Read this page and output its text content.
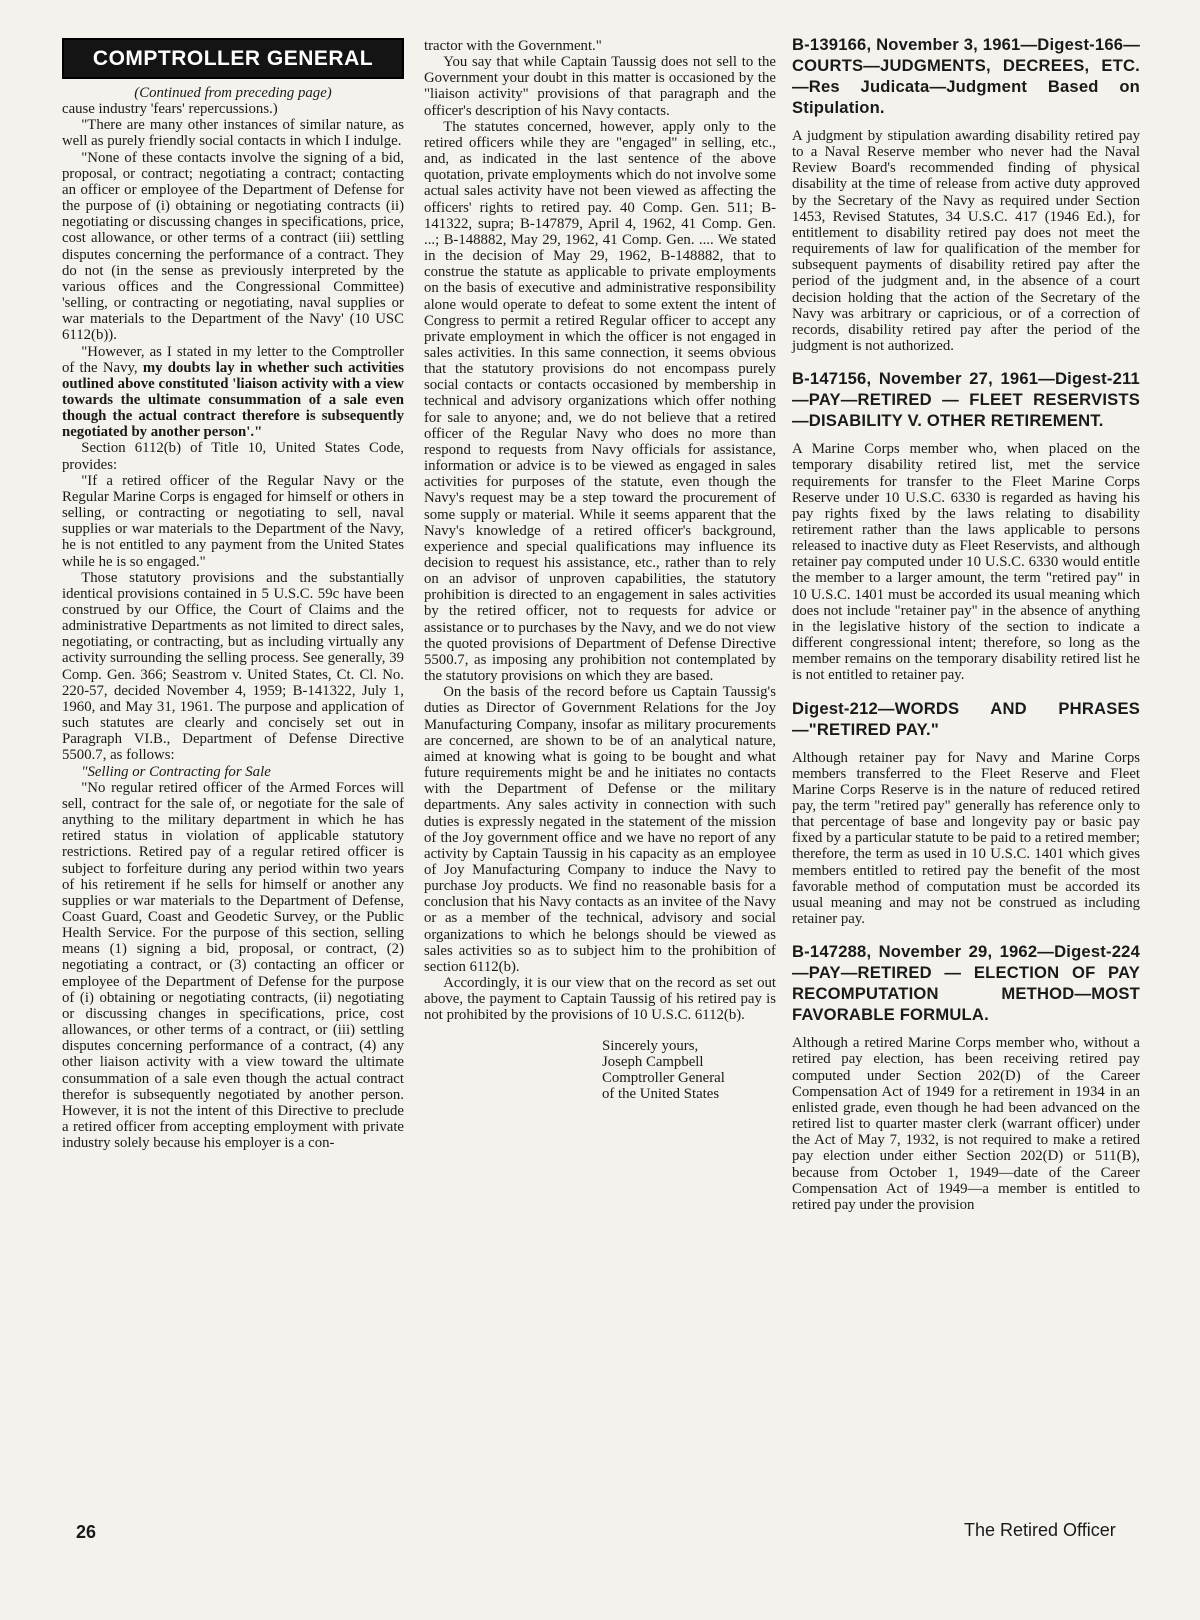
COMPTROLLER GENERAL

(Continued from preceding page)

cause industry 'fears' repercussions.)

"There are many other instances of similar nature, as well as purely friendly social contacts in which I indulge.

"None of these contacts involve the signing of a bid, proposal, or contract; negotiating a contract; contacting an officer or employee of the Department of Defense for the purpose of (i) obtaining or negotiating contracts (ii) negotiating or discussing changes in specifications, price, cost allowance, or other terms of a contract (iii) settling disputes concerning the performance of a contract. They do not (in the sense as previously interpreted by the various offices and the Congressional Committee) 'selling, or contracting or negotiating, naval supplies or war materials to the Department of the Navy' (10 USC 6112(b)).

"However, as I stated in my letter to the Comptroller of the Navy, my doubts lay in whether such activities outlined above constituted 'liaison activity with a view towards the ultimate consummation of a sale even though the actual contract therefore is subsequently negotiated by another person'."

Section 6112(b) of Title 10, United States Code, provides:

"If a retired officer of the Regular Navy or the Regular Marine Corps is engaged for himself or others in selling, or contracting or negotiating to sell, naval supplies or war materials to the Department of the Navy, he is not entitled to any payment from the United States while he is so engaged."

Those statutory provisions and the substantially identical provisions contained in 5 U.S.C. 59c have been construed by our Office, the Court of Claims and the administrative Departments as not limited to direct sales, negotiating, or contracting, but as including virtually any activity surrounding the selling process. See generally, 39 Comp. Gen. 366; Seastrom v. United States, Ct. Cl. No. 220-57, decided November 4, 1959; B-141322, July 1, 1960, and May 31, 1961. The purpose and application of such statutes are clearly and concisely set out in Paragraph VI.B., Department of Defense Directive 5500.7, as follows:

"Selling or Contracting for Sale

"No regular retired officer of the Armed Forces will sell, contract for the sale of, or negotiate for the sale of anything to the military department in which he has retired status in violation of applicable statutory restrictions. Retired pay of a regular retired officer is subject to forfeiture during any period within two years of his retirement if he sells for himself or another any supplies or war materials to the Department of Defense, Coast Guard, Coast and Geodetic Survey, or the Public Health Service. For the purpose of this section, selling means (1) signing a bid, proposal, or contract, (2) negotiating a contract, or (3) contacting an officer or employee of the Department of Defense for the purpose of (i) obtaining or negotiating contracts, (ii) negotiating or discussing changes in specifications, price, cost allowances, or other terms of a contract, or (iii) settling disputes concerning performance of a contract, (4) any other liaison activity with a view toward the ultimate consummation of a sale even though the actual contract therefor is subsequently negotiated by another person. However, it is not the intent of this Directive to preclude a retired officer from accepting employment with private industry solely because his employer is a con-

tractor with the Government."

You say that while Captain Taussig does not sell to the Government your doubt in this matter is occasioned by the "liaison activity" provisions of that paragraph and the officer's description of his Navy contacts.

The statutes concerned, however, apply only to the retired officers while they are "engaged" in selling, etc., and, as indicated in the last sentence of the above quotation, private employments which do not involve some actual sales activity have not been viewed as affecting the officers' rights to retired pay. 40 Comp. Gen. 511; B-141322, supra; B-147879, April 4, 1962, 41 Comp. Gen. ...; B-148882, May 29, 1962, 41 Comp. Gen. .... We stated in the decision of May 29, 1962, B-148882, that to construe the statute as applicable to private employments on the basis of executive and administrative responsibility alone would operate to defeat to some extent the intent of Congress to permit a retired Regular officer to accept any private employment in which the officer is not engaged in sales activities. In this same connection, it seems obvious that the statutory provisions do not encompass purely social contacts or contacts occasioned by membership in technical and advisory organizations which offer nothing for sale to anyone; and, we do not believe that a retired officer of the Regular Navy who does no more than respond to requests from Navy officials for assistance, information or advice is to be viewed as engaged in sales activities for purposes of the statute, even though the Navy's request may be a step toward the procurement of some supply or material. While it seems apparent that the Navy's knowledge of a retired officer's background, experience and special qualifications may influence its decision to request his assistance, etc., rather than to rely on an advisor of unproven capabilities, the statutory prohibition is directed to an engagement in sales activities by the retired officer, not to requests for advice or assistance or to purchases by the Navy, and we do not view the quoted provisions of Department of Defense Directive 5500.7, as imposing any prohibition not contemplated by the statutory provisions on which they are based.

On the basis of the record before us Captain Taussig's duties as Director of Government Relations for the Joy Manufacturing Company, insofar as military procurements are concerned, are shown to be of an analytical nature, aimed at knowing what is going to be bought and what future requirements might be and he initiates no contacts with the Department of Defense or the military departments. Any sales activity in connection with such duties is expressly negated in the statement of the mission of the Joy government office and we have no report of any activity by Captain Taussig in his capacity as an employee of Joy Manufacturing Company to induce the Navy to purchase Joy products. We find no reasonable basis for a conclusion that his Navy contacts as an invitee of the Navy or as a member of the technical, advisory and social organizations to which he belongs should be viewed as sales activities so as to subject him to the prohibition of section 6112(b).

Accordingly, it is our view that on the record as set out above, the payment to Captain Taussig of his retired pay is not prohibited by the provisions of 10 U.S.C. 6112(b).

Sincerely yours,
Joseph Campbell
Comptroller General
of the United States
B-139166, November 3, 1961—Digest-166—COURTS—JUDGMENTS, DECREES, ETC.—Res Judicata—Judgment Based on Stipulation.

A judgment by stipulation awarding disability retired pay to a Naval Reserve member who never had the Naval Review Board's recommended finding of physical disability at the time of release from active duty approved by the Secretary of the Navy as required under Section 1453, Revised Statutes, 34 U.S.C. 417 (1946 Ed.), for entitlement to disability retired pay does not meet the requirements of law for qualification of the member for subsequent payments of disability retired pay after the period of the judgment and, in the absence of a court decision holding that the action of the Secretary of the Navy was arbitrary or capricious, or of a correction of records, disability retired pay after the period of the judgment is not authorized.

B-147156, November 27, 1961—Digest-211—PAY—RETIRED — FLEET RESERVISTS—DISABILITY V. OTHER RETIREMENT.

A Marine Corps member who, when placed on the temporary disability retired list, met the service requirements for transfer to the Fleet Marine Corps Reserve under 10 U.S.C. 6330 is regarded as having his pay rights fixed by the laws relating to disability retirement rather than the laws applicable to persons released to inactive duty as Fleet Reservists, and although retainer pay computed under 10 U.S.C. 6330 would entitle the member to a larger amount, the term "retired pay" in 10 U.S.C. 1401 must be accorded its usual meaning which does not include "retainer pay" in the absence of anything in the legislative history of the section to indicate a different congressional intent; therefore, so long as the member remains on the temporary disability retired list he is not entitled to retainer pay.

Digest-212—WORDS AND PHRASES —"RETIRED PAY."

Although retainer pay for Navy and Marine Corps members transferred to the Fleet Reserve and Fleet Marine Corps Reserve is in the nature of reduced retired pay, the term "retired pay" generally has reference only to that percentage of base and longevity pay or basic pay fixed by a particular statute to be paid to a retired member; therefore, the term as used in 10 U.S.C. 1401 which gives members entitled to retired pay the benefit of the most favorable method of computation must be accorded its usual meaning and may not be construed as including retainer pay.

B-147288, November 29, 1962—Digest-224—PAY—RETIRED — ELECTION OF PAY RECOMPUTATION METHOD—MOST FAVORABLE FORMULA.

Although a retired Marine Corps member who, without a retired pay election, has been receiving retired pay computed under Section 202(D) of the Career Compensation Act of 1949 for a retirement in 1934 in an enlisted grade, even though he had been advanced on the retired list to quarter master clerk (warrant officer) under the Act of May 7, 1932, is not required to make a retired pay election under either Section 202(D) or 511(B), because from October 1, 1949—date of the Career Compensation Act of 1949—a member is entitled to retired pay under the provision

26	The Retired Officer
